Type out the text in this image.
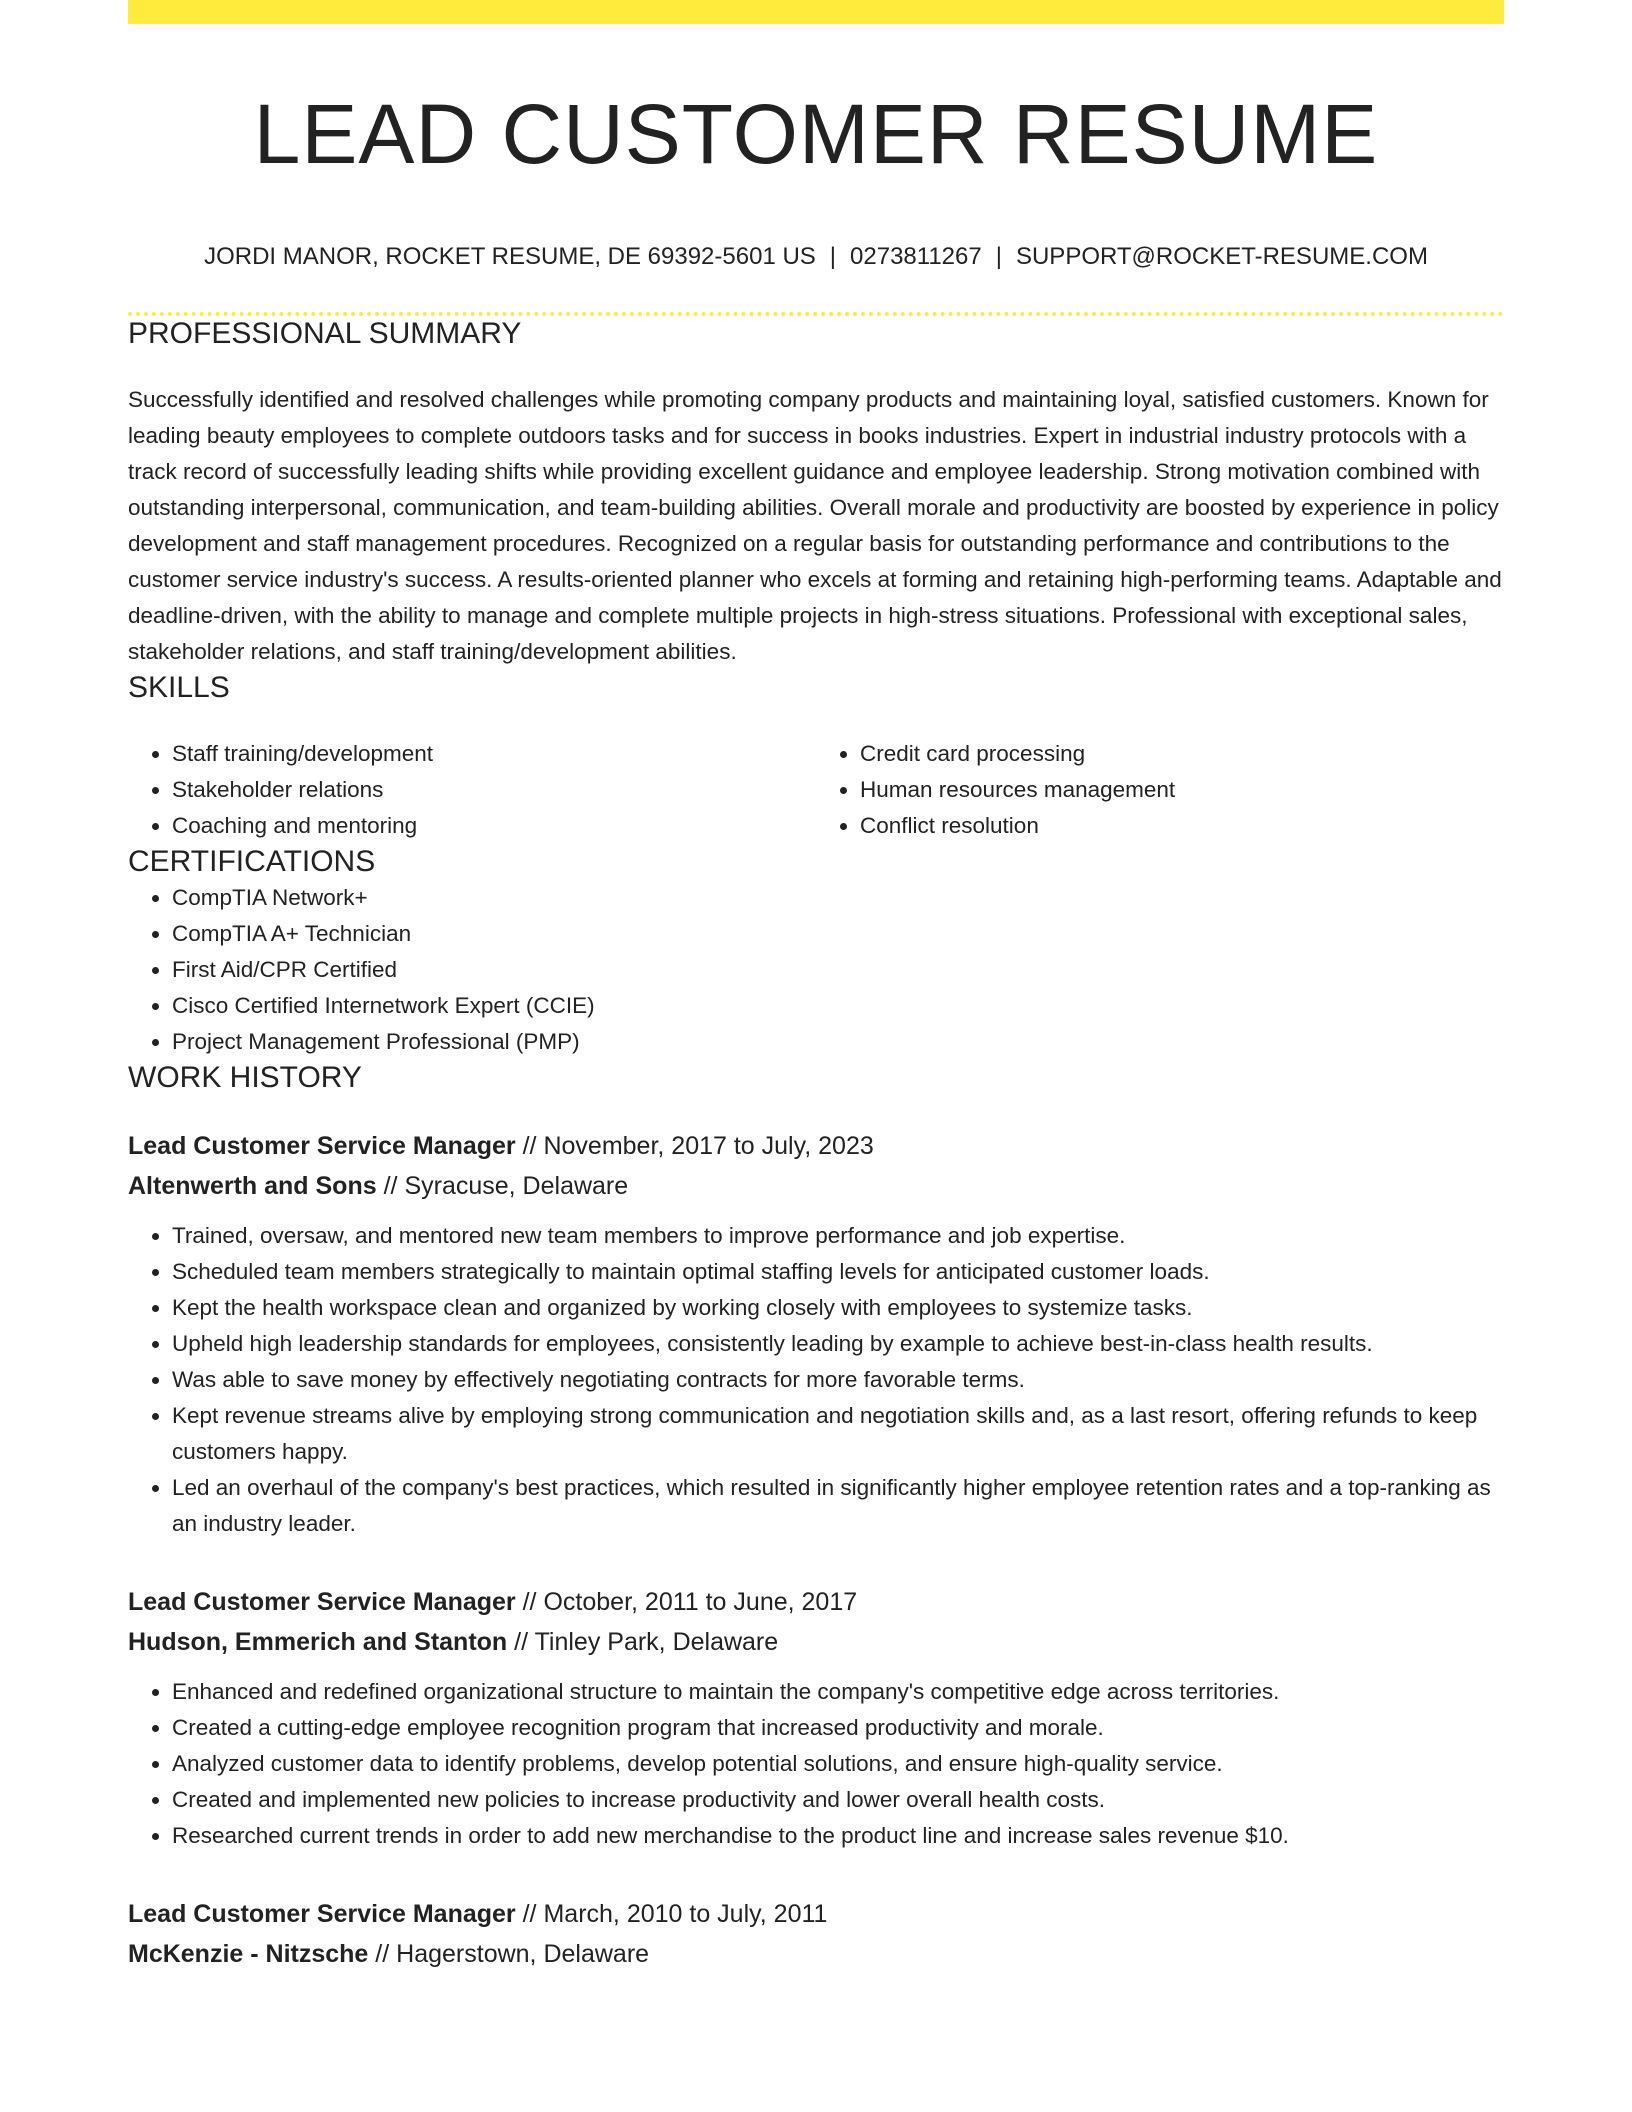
LEAD CUSTOMER RESUME
JORDI MANOR, ROCKET RESUME, DE 69392-5601 US | 0273811267 | SUPPORT@ROCKET-RESUME.COM
PROFESSIONAL SUMMARY

Successfully identified and resolved challenges while promoting company products and maintaining loyal, satisfied customers. Known for leading beauty employees to complete outdoors tasks and for success in books industries. Expert in industrial industry protocols with a track record of successfully leading shifts while providing excellent guidance and employee leadership. Strong motivation combined with outstanding interpersonal, communication, and team-building abilities. Overall morale and productivity are boosted by experience in policy development and staff management procedures. Recognized on a regular basis for outstanding performance and contributions to the customer service industry's success. A results-oriented planner who excels at forming and retaining high-performing teams. Adaptable and deadline-driven, with the ability to manage and complete multiple projects in high-stress situations. Professional with exceptional sales, stakeholder relations, and staff training/development abilities.

SKILLS
• Staff training/development
• Stakeholder relations
• Coaching and mentoring
• Credit card processing
• Human resources management
• Conflict resolution
CERTIFICATIONS
• CompTIA Network+
• CompTIA A+ Technician
• First Aid/CPR Certified
• Cisco Certified Internetwork Expert (CCIE)
• Project Management Professional (PMP)
WORK HISTORY
Lead Customer Service Manager // November, 2017 to July, 2023
Altenwerth and Sons // Syracuse, Delaware
• Trained, oversaw, and mentored new team members to improve performance and job expertise.
• Scheduled team members strategically to maintain optimal staffing levels for anticipated customer loads.
• Kept the health workspace clean and organized by working closely with employees to systemize tasks.
• Upheld high leadership standards for employees, consistently leading by example to achieve best-in-class health results.
• Was able to save money by effectively negotiating contracts for more favorable terms.
• Kept revenue streams alive by employing strong communication and negotiation skills and, as a last resort, offering refunds to keep customers happy.
• Led an overhaul of the company's best practices, which resulted in significantly higher employee retention rates and a top-ranking as an industry leader.
Lead Customer Service Manager // October, 2011 to June, 2017
Hudson, Emmerich and Stanton // Tinley Park, Delaware
• Enhanced and redefined organizational structure to maintain the company's competitive edge across territories.
• Created a cutting-edge employee recognition program that increased productivity and morale.
• Analyzed customer data to identify problems, develop potential solutions, and ensure high-quality service.
• Created and implemented new policies to increase productivity and lower overall health costs.
• Researched current trends in order to add new merchandise to the product line and increase sales revenue $10.
Lead Customer Service Manager // March, 2010 to July, 2011
McKenzie - Nitzsche // Hagerstown, Delaware
